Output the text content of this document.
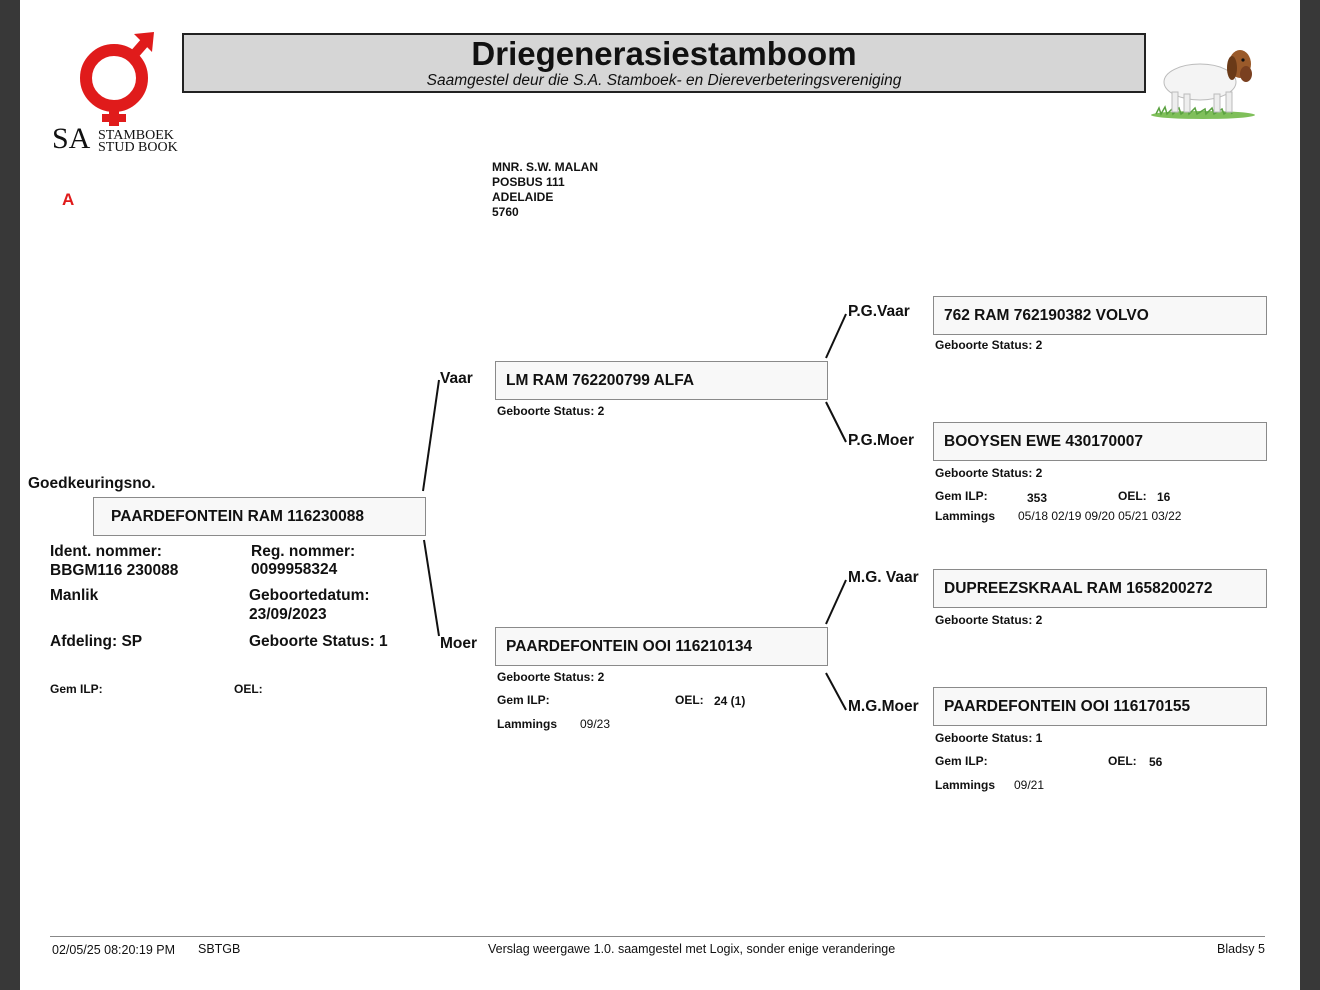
SA STAMBOEK
STUD BOOK
Driegenerasiestamboom
Saamgestel deur die S.A. Stamboek- en Diereverbeteringsvereniging
A
MNR. S.W. MALAN
POSBUS 111
ADELAIDE
5760
Goedkeuringsno.
PAARDEFONTEIN RAM 116230088
Ident. nommer:
BBGM116 230088
Reg. nommer:
0099958324
Manlik	Geboortedatum:
23/09/2023
Afdeling: SP	Geboorte Status: 1
Gem ILP:	OEL:
Vaar	LM RAM 762200799 ALFA
Geboorte Status: 2
Moer	PAARDEFONTEIN OOI 116210134
Geboorte Status: 2
Gem ILP:	OEL: 24 (1)
Lammings 09/23
P.G.Vaar	762 RAM 762190382 VOLVO
Geboorte Status: 2
P.G.Moer	BOOYSEN EWE 430170007
Geboorte Status: 2
Gem ILP:	353	OEL: 16
Lammings 05/18 02/19 09/20 05/21 03/22
M.G. Vaar
DUPREEZSKRAAL RAM 1658200272
Geboorte Status: 2
M.G.Moer	PAARDEFONTEIN OOI 116170155
Geboorte Status: 1
Gem ILP:	OEL: 56
Lammings 09/21
02/05/25 08:20:19 PM SBTGB	Verslag weergawe 1.0. saamgestel met Logix, sonder enige veranderinge	Bladsy 5
